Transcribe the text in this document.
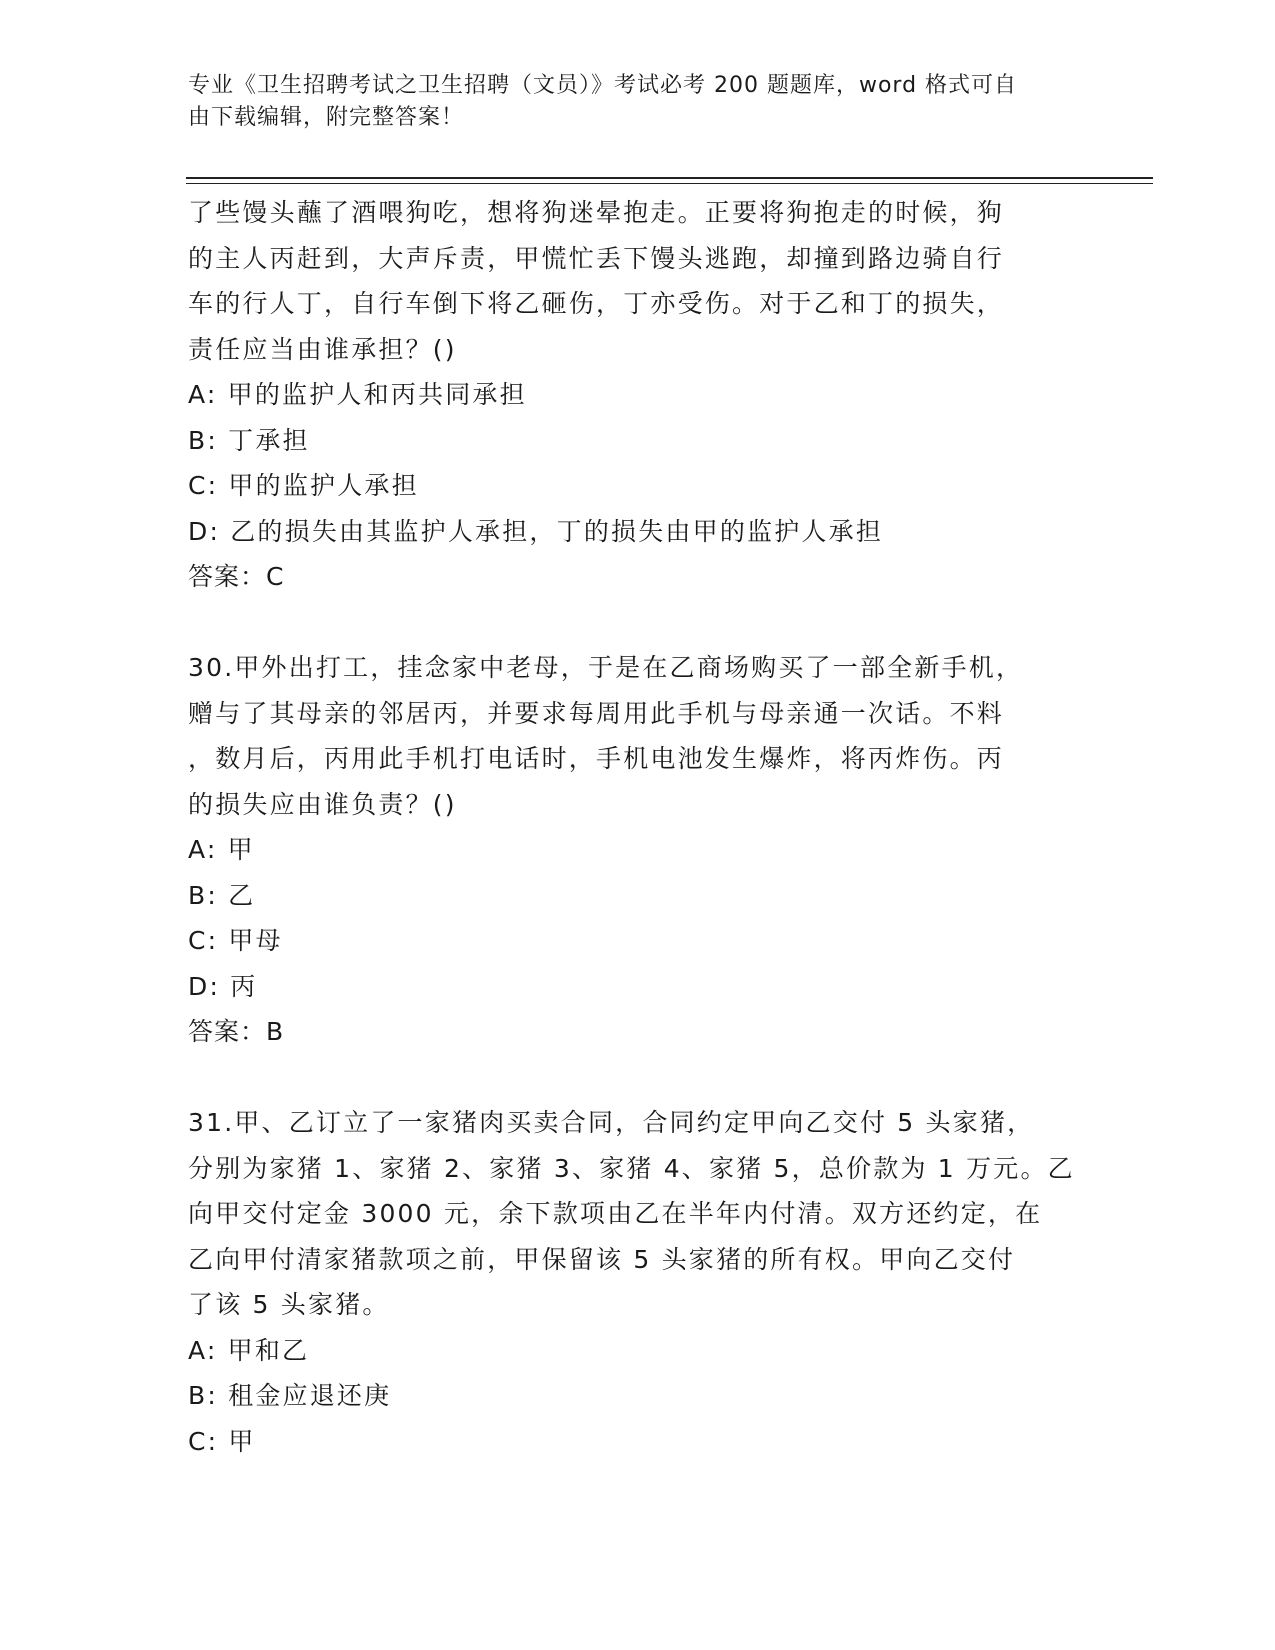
专业《卫生招聘考试之卫生招聘（文员）》考试必考 200 题题库，word 格式可自
由下载编辑，附完整答案！
了些馒头蘸了酒喂狗吃，想将狗迷晕抱走。正要将狗抱走的时候，狗
的主人丙赶到，大声斥责，甲慌忙丢下馒头逃跑，却撞到路边骑自行
车的行人丁，自行车倒下将乙砸伤，丁亦受伤。对于乙和丁的损失，
责任应当由谁承担？()
A: 甲的监护人和丙共同承担
B: 丁承担
C: 甲的监护人承担
D: 乙的损失由其监护人承担，丁的损失由甲的监护人承担
答案：C
30.甲外出打工，挂念家中老母，于是在乙商场购买了一部全新手机，
赠与了其母亲的邻居丙，并要求每周用此手机与母亲通一次话。不料
，数月后，丙用此手机打电话时，手机电池发生爆炸，将丙炸伤。丙
的损失应由谁负责？()
A: 甲
B: 乙
C: 甲母
D: 丙
答案：B
31.甲、乙订立了一家猪肉买卖合同，合同约定甲向乙交付 5 头家猪，
分别为家猪 1、家猪 2、家猪 3、家猪 4、家猪 5，总价款为 1 万元。乙
向甲交付定金 3000 元，余下款项由乙在半年内付清。双方还约定，在
乙向甲付清家猪款项之前，甲保留该 5 头家猪的所有权。甲向乙交付
了该 5 头家猪。
A: 甲和乙
B: 租金应退还庚
C: 甲
